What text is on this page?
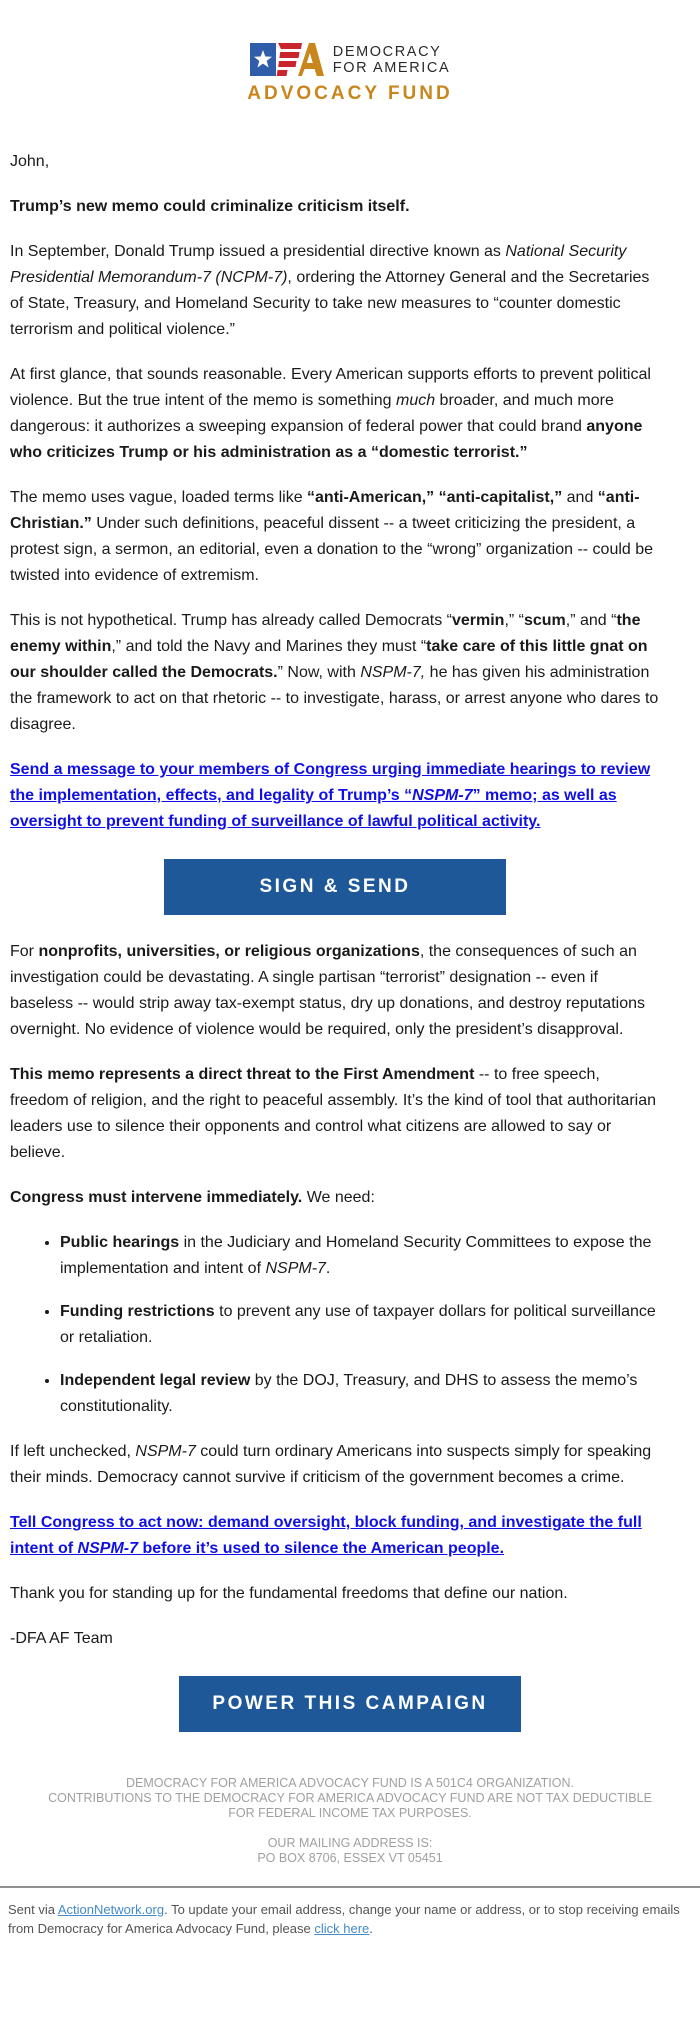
DEMOCRACY
FOR AMERICA
ADVOCACY FUND

John,

Trump’s new memo could criminalize criticism itself.

In September, Donald Trump issued a presidential directive known as National Security Presidential Memorandum-7 (NCPM-7), ordering the Attorney General and the Secretaries of State, Treasury, and Homeland Security to take new measures to “counter domestic terrorism and political violence.”

At first glance, that sounds reasonable. Every American supports efforts to prevent political violence. But the true intent of the memo is something much broader, and much more dangerous: it authorizes a sweeping expansion of federal power that could brand anyone who criticizes Trump or his administration as a “domestic terrorist.”

The memo uses vague, loaded terms like “anti-American,” “anti-capitalist,” and “anti-Christian.” Under such definitions, peaceful dissent -- a tweet criticizing the president, a protest sign, a sermon, an editorial, even a donation to the “wrong” organization -- could be twisted into evidence of extremism.

This is not hypothetical. Trump has already called Democrats “vermin,” “scum,” and “the enemy within,” and told the Navy and Marines they must “take care of this little gnat on our shoulder called the Democrats.” Now, with NSPM-7, he has given his administration the framework to act on that rhetoric -- to investigate, harass, or arrest anyone who dares to disagree.

Send a message to your members of Congress urging immediate hearings to review the implementation, effects, and legality of Trump’s “NSPM-7” memo; as well as oversight to prevent funding of surveillance of lawful political activity.
SIGN & SEND

For nonprofits, universities, or religious organizations, the consequences of such an investigation could be devastating. A single partisan “terrorist” designation -- even if baseless -- would strip away tax-exempt status, dry up donations, and destroy reputations overnight. No evidence of violence would be required, only the president’s disapproval.

This memo represents a direct threat to the First Amendment -- to free speech, freedom of religion, and the right to peaceful assembly. It’s the kind of tool that authoritarian leaders use to silence their opponents and control what citizens are allowed to say or believe.

Congress must intervene immediately. We need:

• Public hearings in the Judiciary and Homeland Security Committees to expose the implementation and intent of NSPM-7.
• Funding restrictions to prevent any use of taxpayer dollars for political surveillance or retaliation.
• Independent legal review by the DOJ, Treasury, and DHS to assess the memo’s constitutionality.

If left unchecked, NSPM-7 could turn ordinary Americans into suspects simply for speaking their minds. Democracy cannot survive if criticism of the government becomes a crime.

Tell Congress to act now: demand oversight, block funding, and investigate the full intent of NSPM-7 before it’s used to silence the American people.

Thank you for standing up for the fundamental freedoms that define our nation.

-DFA AF Team

POWER THIS CAMPAIGN
DEMOCRACY FOR AMERICA ADVOCACY FUND IS A 501C4 ORGANIZATION.
CONTRIBUTIONS TO THE DEMOCRACY FOR AMERICA ADVOCACY FUND ARE NOT TAX DEDUCTIBLE FOR FEDERAL INCOME TAX PURPOSES.
OUR MAILING ADDRESS IS:
PO BOX 8706, ESSEX VT 05451
Sent via ActionNetwork.org. To update your email address, change your name or address, or to stop receiving emails from Democracy for America Advocacy Fund, please click here.
